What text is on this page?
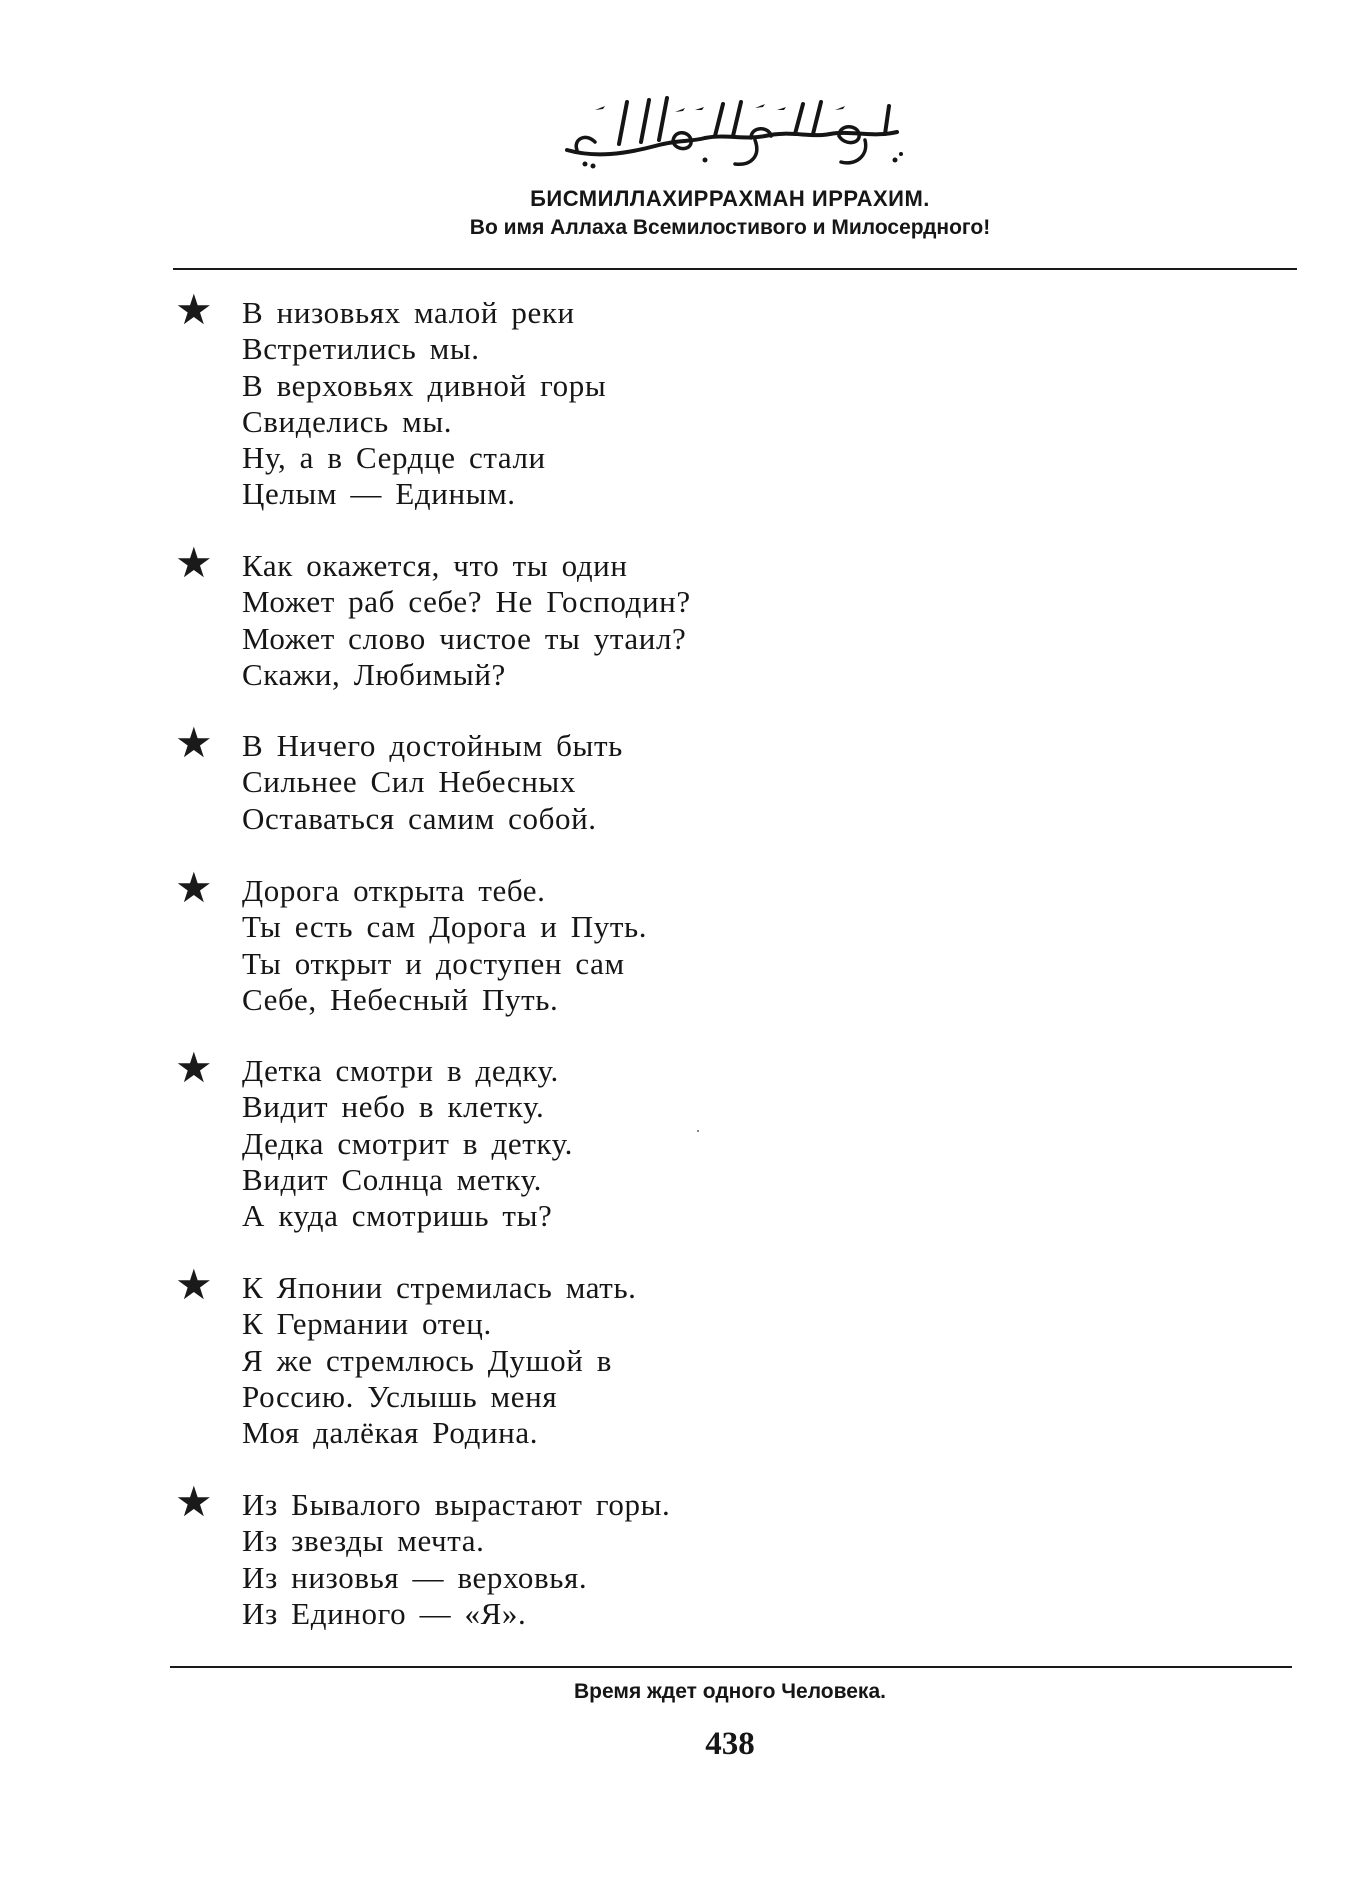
БИСМИЛЛАХИРРАХМАН ИРРАХИМ.
Во имя Аллаха Всемилостивого и Милосердного!
★ В низовьях малой реки
Встретились мы.
В верховьях дивной горы
Свиделись мы.
Ну, а в Сердце стали
Целым — Единым.
★ Как окажется, что ты один
Может раб себе? Не Господин?
Может слово чистое ты утаил?
Скажи, Любимый?
★ В Ничего достойным быть
Сильнее Сил Небесных
Оставаться самим собой.
★ Дорога открыта тебе.
Ты есть сам Дорога и Путь.
Ты открыт и доступен сам
Себе, Небесный Путь.
★ Детка смотри в дедку.
Видит небо в клетку.
Дедка смотрит в детку.
Видит Солнца метку.
А куда смотришь ты?
★ К Японии стремилась мать.
К Германии отец.
Я же стремлюсь Душой в
Россию. Услышь меня
Моя далёкая Родина.
★ Из Бывалого вырастают горы.
Из звезды мечта.
Из низовья — верховья.
Из Единого — «Я».
Время ждет одного Человека.
438
